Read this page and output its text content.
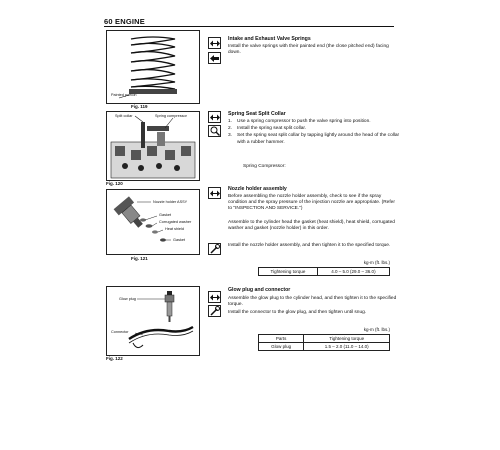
60 ENGINE
Painted portion
Fig. 119
Intake and Exhaust Valve Springs
Install the valve springs with their painted end (the close pitched end) facing down.
Split collar	Spring compressor
Fig. 120
Spring Seat Split Collar
1.	Use a spring compressor to push the valve spring into position.
2.	Install the spring seat split collar.
3.	Set the spring seat split collar by tapping lightly around the head of the collar with a rubber hammer.
Spring Compressor:
Nozzle holder ASSY
Gasket
Corrugated washer
Heat shield
Gasket
Fig. 121
Nozzle holder assembly
Before assembling the nozzle holder assembly, check to see if the spray condition and the spray pressure of the injection nozzle are appropriate. (Refer to "INSPECTION AND SERVICE.")
Assemble to the cylinder head the gasket (heat shield), heat shield, corrugated washer and gasket (nozzle holder) in this order.
Install the nozzle holder assembly, and then tighten it to the specified torque.
kg-m (ft. lbs.)
Tightening torque	4.0 – 5.0 (29.0 – 36.0)
Glow plug
Connector
Fig. 122
Glow plug and connector
Assemble the glow plug to the cylinder head, and then tighten it to the specified torque.
Install the connector to the glow plug, and then tighten until snug.
kg-m (ft. lbs.)
Parts	Tightening torque
Glow plug	1.5 – 2.0 (11.0 – 14.0)
